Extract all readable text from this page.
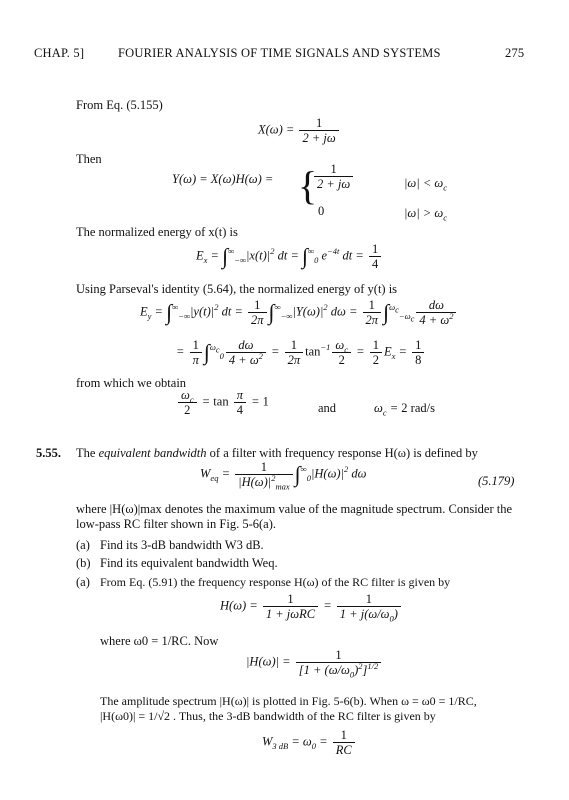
CHAP. 5]	FOURIER ANALYSIS OF TIME SIGNALS AND SYSTEMS	275
From Eq. (5.155)
$X(\omega) = \frac{1}{2 + j\omega}$
Then
Y(ω) = X(ω)H(ω) = {
$\frac{1}{2 + j\omega}$	$|\omega| < \omega_c$
0	$|\omega| > \omega_c$
The normalized energy of x(t) is
$E_x = \int^\infty_{-\infty}|x(t)|^2$ dt = $\int^\infty_0$ $e^{-4t}$ dt = $\frac{1}{4}$
Using Parseval's identity (5.64), the normalized energy of y(t) is
$E_y = \int^\infty_{-\infty}|y(t)|^2$ dt = $\frac{1}{2\pi} \int^\infty_{-\infty}|Y(\omega)|^2$ $d\omega = \frac{1}{2\pi} \int^{\omega_c}_{-\omega_c} \frac{d\omega}{4 + \omega^2}$
= $\frac{1}{\pi} \int^{\omega_c}_0 \frac{d\omega}{4 + \omega^2} = \frac{1}{2\pi} \tan^{-1} \frac{\omega_c}{2} = \frac{1}{2} E_x = \frac{1}{8}$
from which we obtain
$\frac{\omega_c}{2} = \tan \frac{\pi}{4} = 1$	and	$\omega_c = 2$ rad/s
5.55. The equivalent bandwidth of a filter with frequency response H(ω) is defined by
$W_{eq} = \frac{1}{|H(\omega)|^2_{max}} \int^\infty_0|H(\omega)|^2$ dω
(5.179)
where |H(ω)|max denotes the maximum value of the magnitude spectrum. Consider the
low-pass RC filter shown in Fig. 5-6(a).
(a) Find its 3-dB bandwidth W3 dB.
(b) Find its equivalent bandwidth Weq.
(a) From Eq. (5.91) the frequency response H(ω) of the RC filter is given by
$H(\omega) = \frac{1}{\text{1 + jωRC}} = \frac{1}{1 + j(\omega/\omega_0)}$
where ω0 = 1/RC. Now
$|H(\omega)| = \frac{1}{[1 + (\omega/\omega_0)^2]^{1/2}}$
The amplitude spectrum |H(ω)| is plotted in Fig. 5-6(b). When ω = ω0 = 1/RC,
|H(ω0)| = 1/√2 . Thus, the 3-dB bandwidth of the RC filter is given by
$W_{3 dB} = \omega_0 = \frac{1}{RC}$
